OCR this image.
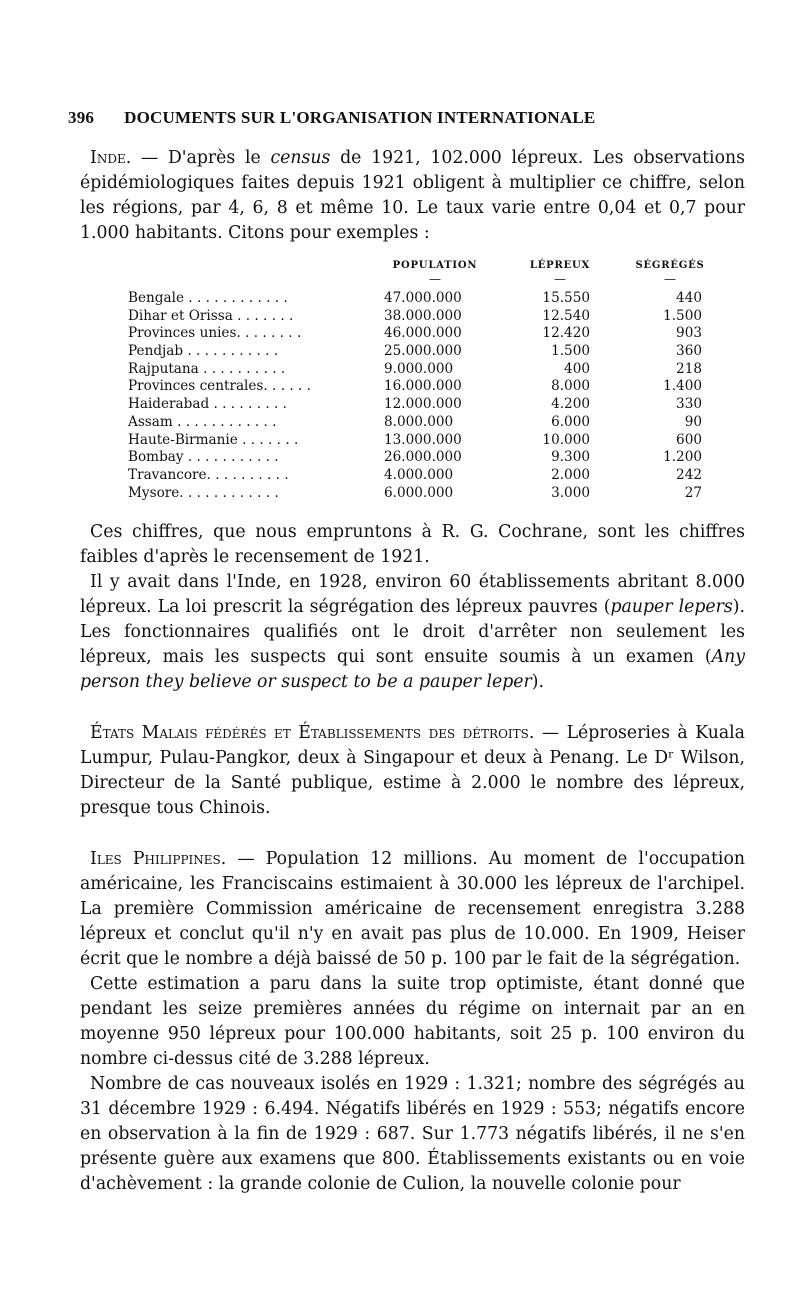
396 DOCUMENTS SUR L'ORGANISATION INTERNATIONALE

Inde. — D'après le census de 1921, 102.000 lépreux. Les observations épidémiologiques faites depuis 1921 obligent à multiplier ce chiffre, selon les régions, par 4, 6, 8 et même 10. Le taux varie entre 0,04 et 0,7 pour 1.000 habitants. Citons pour exemples :

POPULATION	LÉPREUX	SÉGRÉGÉS
—	—	—
Bengale . . . . . . . . . . . .	47.000.000	15.550	440
Dihar et Orissa . . . . . . .	38.000.000	12.540	1.500
Provinces unies. . . . . . . .	46.000.000	12.420	903
Pendjab . . . . . . . . . . .	25.000.000	1.500	360
Rajputana . . . . . . . . . .	9.000.000	400	218
Provinces centrales. . . . . .	16.000.000	8.000	1.400
Haiderabad . . . . . . . . .	12.000.000	4.200	330
Assam . . . . . . . . . . . .	8.000.000	6.000	90
Haute-Birmanie . . . . . . .	13.000.000	10.000	600
Bombay . . . . . . . . . . .	26.000.000	9.300	1.200
Travancore. . . . . . . . . .	4.000.000	2.000	242
Mysore. . . . . . . . . . . .	6.000.000	3.000	27

Ces chiffres, que nous empruntons à R. G. Cochrane, sont les chiffres faibles d'après le recensement de 1921.

Il y avait dans l'Inde, en 1928, environ 60 établissements abritant 8.000 lépreux. La loi prescrit la ségrégation des lépreux pauvres (pauper lepers). Les fonctionnaires qualifiés ont le droit d'arrêter non seulement les lépreux, mais les suspects qui sont ensuite soumis à un examen (Any person they believe or suspect to be a pauper leper).

États Malais fédérés et Établissements des détroits. — Léproseries à Kuala Lumpur, Pulau-Pangkor, deux à Singapour et deux à Penang. Le Dʳ Wilson, Directeur de la Santé publique, estime à 2.000 le nombre des lépreux, presque tous Chinois.

Iles Philippines. — Population 12 millions. Au moment de l'occupation américaine, les Franciscains estimaient à 30.000 les lépreux de l'archipel. La première Commission américaine de recensement enregistra 3.288 lépreux et conclut qu'il n'y en avait pas plus de 10.000. En 1909, Heiser écrit que le nombre a déjà baissé de 50 p. 100 par le fait de la ségrégation.

Cette estimation a paru dans la suite trop optimiste, étant donné que pendant les seize premières années du régime on internait par an en moyenne 950 lépreux pour 100.000 habitants, soit 25 p. 100 environ du nombre ci-dessus cité de 3.288 lépreux.

Nombre de cas nouveaux isolés en 1929 : 1.321; nombre des ségrégés au 31 décembre 1929 : 6.494. Négatifs libérés en 1929 : 553; négatifs encore en observation à la fin de 1929 : 687. Sur 1.773 négatifs libérés, il ne s'en présente guère aux examens que 800. Établissements existants ou en voie d'achèvement : la grande colonie de Culion, la nouvelle colonie pour
